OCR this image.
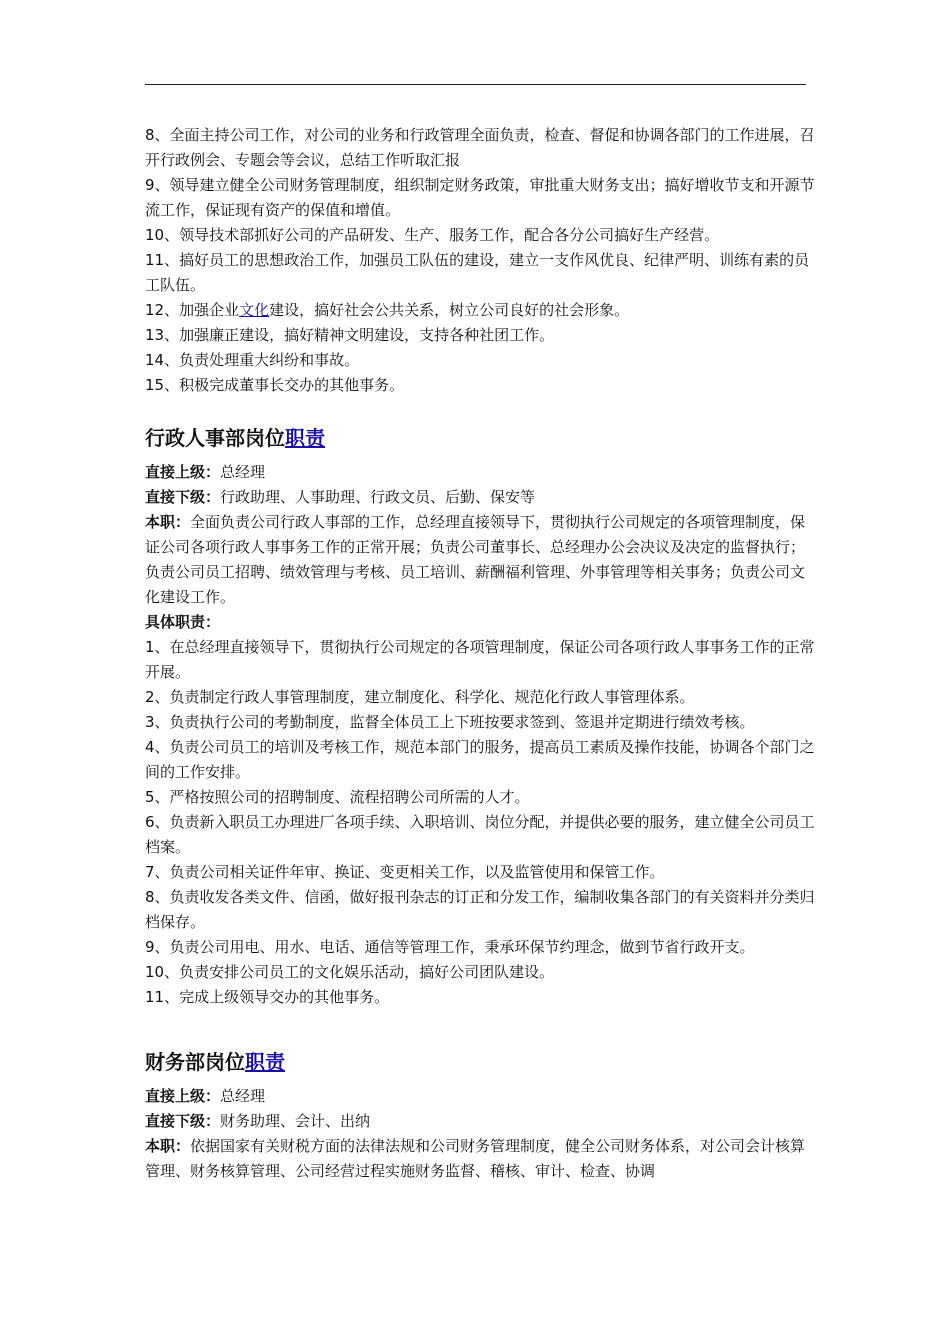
8、全面主持公司工作，对公司的业务和行政管理全面负责，检查、督促和协调各部门的工作进展，召开行政例会、专题会等会议，总结工作听取汇报

9、领导建立健全公司财务管理制度，组织制定财务政策，审批重大财务支出；搞好增收节支和开源节流工作，保证现有资产的保值和增值。

10、领导技术部抓好公司的产品研发、生产、服务工作，配合各分公司搞好生产经营。

11、搞好员工的思想政治工作，加强员工队伍的建设，建立一支作风优良、纪律严明、训练有素的员工队伍。

12、加强企业文化建设，搞好社会公共关系，树立公司良好的社会形象。

13、加强廉正建设，搞好精神文明建设，支持各种社团工作。

14、负责处理重大纠纷和事故。

15、积极完成董事长交办的其他事务。

行政人事部岗位职责

直接上级：总经理

直接下级：行政助理、人事助理、行政文员、后勤、保安等

本职：全面负责公司行政人事部的工作，总经理直接领导下，贯彻执行公司规定的各项管理制度，保证公司各项行政人事事务工作的正常开展；负责公司董事长、总经理办公会决议及决定的监督执行；负责公司员工招聘、绩效管理与考核、员工培训、薪酬福利管理、外事管理等相关事务；负责公司文化建设工作。

具体职责：

1、在总经理直接领导下，贯彻执行公司规定的各项管理制度，保证公司各项行政人事事务工作的正常开展。

2、负责制定行政人事管理制度，建立制度化、科学化、规范化行政人事管理体系。

3、负责执行公司的考勤制度，监督全体员工上下班按要求签到、签退并定期进行绩效考核。

4、负责公司员工的培训及考核工作，规范本部门的服务，提高员工素质及操作技能，协调各个部门之间的工作安排。

5、严格按照公司的招聘制度、流程招聘公司所需的人才。

6、负责新入职员工办理进厂各项手续、入职培训、岗位分配，并提供必要的服务，建立健全公司员工档案。

7、负责公司相关证件年审、换证、变更相关工作，以及监管使用和保管工作。

8、负责收发各类文件、信函，做好报刊杂志的订正和分发工作，编制收集各部门的有关资料并分类归档保存。

9、负责公司用电、用水、电话、通信等管理工作，秉承环保节约理念，做到节省行政开支。

10、负责安排公司员工的文化娱乐活动，搞好公司团队建设。

11、完成上级领导交办的其他事务。

财务部岗位职责

直接上级：总经理

直接下级：财务助理、会计、出纳

本职：依据国家有关财税方面的法律法规和公司财务管理制度，健全公司财务体系，对公司会计核算管理、财务核算管理、公司经营过程实施财务监督、稽核、审计、检查、协调
